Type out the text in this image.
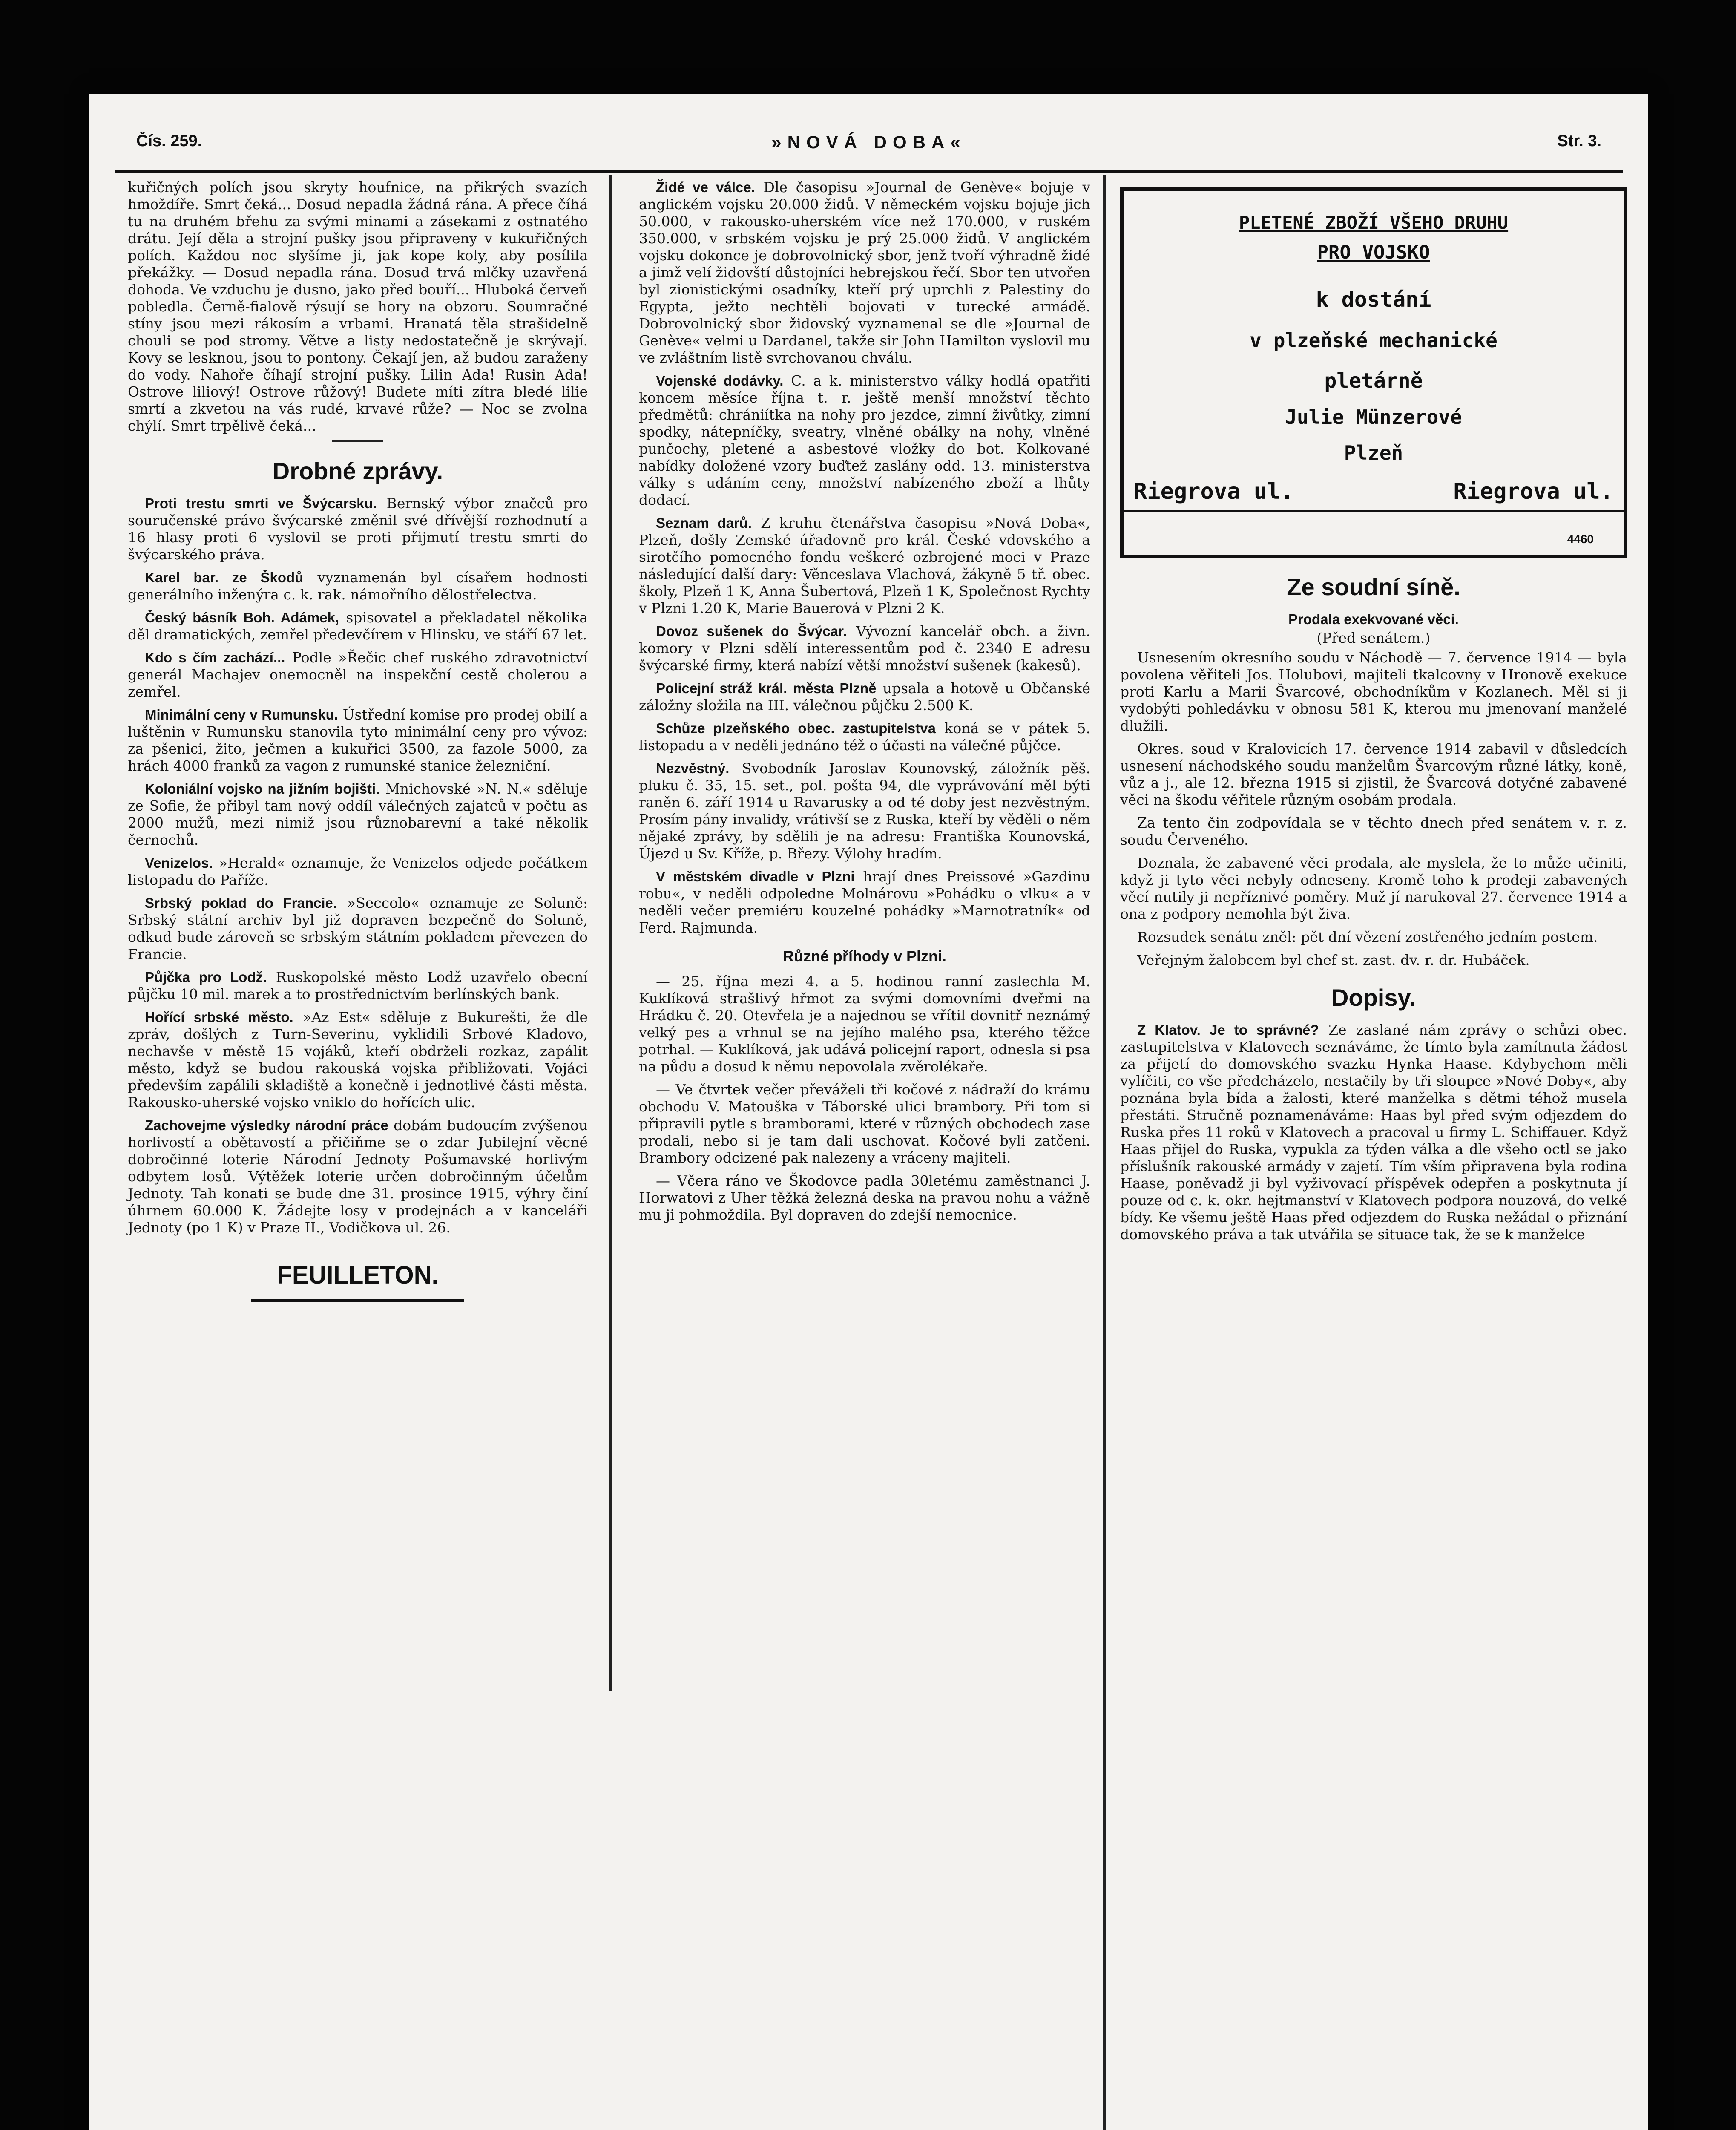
Čís. 259.	»NOVÁ DOBA«	Str. 3.

kuřičných polích jsou skryty houfnice, na přikrých svazích hmoždíře. Smrt čeká... Dosud nepadla žádná rána. A přece číhá tu na druhém břehu za svými minami a zásekami z ostnatého drátu. Její děla a strojní pušky jsou připraveny v kukuřičných polích. Každou noc slyšíme ji, jak kope koly, aby posílila překážky. — Dosud nepadla rána. Dosud trvá mlčky uzavřená dohoda. Ve vzduchu je dusno, jako před bouří... Hluboká červeň pobledla. Černě-fialově rýsují se hory na obzoru. Soumračné stíny jsou mezi rákosím a vrbami. Hranatá těla strašidelně chouli se pod stromy. Větve a listy nedostatečně je skrývají. Kovy se lesknou, jsou to pontony. Čekají jen, až budou zaraženy do vody. Nahoře číhají strojní pušky. Lilin Ada! Rusin Ada! Ostrove liliový! Ostrove růžový! Budete míti zítra bledé lilie smrtí a zkvetou na vás rudé, krvavé růže? — Noc se zvolna chýlí. Smrt trpělivě čeká...

Drobné zprávy.

Proti trestu smrti ve Švýcarsku. Bernský výbor značců pro souručenské právo švýcarské změnil své dřívější rozhodnutí a 16 hlasy proti 6 vyslovil se proti přijmutí trestu smrti do švýcarského práva.

Karel bar. ze Škodů vyznamenán byl císařem hodnosti generálního inženýra c. k. rak. námořního dělostřelectva.

Český básník Boh. Adámek, spisovatel a překladatel několika děl dramatických, zemřel předevčírem v Hlinsku, ve stáří 67 let.

Kdo s čím zachází... Podle »Řečic chef ruského zdravotnictví generál Machajev onemocněl na inspekční cestě cholerou a zemřel.

Minimální ceny v Rumunsku. Ústřední komise pro prodej obilí a luštěnin v Rumunsku stanovila tyto minimální ceny pro vývoz: za pšenici, žito, ječmen a kukuřici 3500, za fazole 5000, za hrách 4000 franků za vagon z rumunské stanice železniční.

Koloniální vojsko na jižním bojišti. Mnichovské »N. N.« sděluje ze Sofie, že přibyl tam nový oddíl válečných zajatců v počtu as 2000 mužů, mezi nimiž jsou různobarevní a také několik černochů.

Venizelos. »Herald« oznamuje, že Venizelos odjede počátkem listopadu do Paříže.

Srbský poklad do Francie. »Seccolo« oznamuje ze Soluně: Srbský státní archiv byl již dopraven bezpečně do Soluně, odkud bude zároveň se srbským státním pokladem převezen do Francie.

Půjčka pro Lodž. Ruskopolské město Lodž uzavřelo obecní půjčku 10 mil. marek a to prostřednictvím berlínských bank.

Hořící srbské město. »Az Est« sděluje z Bukurešti, že dle zpráv, došlých z Turn-Severinu, vyklidili Srbové Kladovo, nechavše v městě 15 vojáků, kteří obdrželi rozkaz, zapálit město, když se budou rakouská vojska přibližovati. Vojáci především zapálili skladiště a konečně i jednotlivé části města. Rakousko-uherské vojsko vniklo do hořících ulic.

Zachovejme výsledky národní práce dobám budoucím zvýšenou horlivostí a obětavostí a přičiňme se o zdar Jubilejní věcné dobročinné loterie Národní Jednoty Pošumavské horlivým odbytem losů. Výtěžek loterie určen dobročinným účelům Jednoty. Tah konati se bude dne 31. prosince 1915, výhry činí úhrnem 60.000 K. Žádejte losy v prodejnách a v kanceláři Jednoty (po 1 K) v Praze II., Vodičkova ul. 26.

FEUILLETON.

Židé ve válce. Dle časopisu »Journal de Genève« bojuje v anglickém vojsku 20.000 židů. V německém vojsku bojuje jich 50.000, v rakousko-uherském více než 170.000, v ruském 350.000, v srbském vojsku je prý 25.000 židů. V anglickém vojsku dokonce je dobrovolnický sbor, jenž tvoří výhradně židé a jimž velí židovští důstojníci hebrejskou řečí. Sbor ten utvořen byl zionistickými osadníky, kteří prý uprchli z Palestiny do Egypta, ježto nechtěli bojovati v turecké armádě. Dobrovolnický sbor židovský vyznamenal se dle »Journal de Genève« velmi u Dardanel, takže sir John Hamilton vyslovil mu ve zvláštním listě svrchovanou chválu.

Vojenské dodávky. C. a k. ministerstvo války hodlá opatřiti koncem měsíce října t. r. ještě menší množství těchto předmětů: chrániítka na nohy pro jezdce, zimní živůtky, zimní spodky, nátepníčky, sveatry, vlněné obálky na nohy, vlněné punčochy, pletené a asbestové vložky do bot. Kolkované nabídky doložené vzory buďtež zaslány odd. 13. ministerstva války s udáním ceny, množství nabízeného zboží a lhůty dodací.

Seznam darů. Z kruhu čtenářstva časopisu »Nová Doba«, Plzeň, došly Zemské úřadovně pro král. České vdovského a sirotčího pomocného fondu veškeré ozbrojené moci v Praze následující další dary: Věnceslava Vlachová, žákyně 5 tř. obec. školy, Plzeň 1 K, Anna Šubertová, Plzeň 1 K, Společnost Rychty v Plzni 1.20 K, Marie Bauerová v Plzni 2 K.

Dovoz sušenek do Švýcar. Vývozní kancelář obch. a živn. komory v Plzni sdělí interessentům pod č. 2340 E adresu švýcarské firmy, která nabízí větší množství sušenek (kakesů).

Policejní stráž král. města Plzně upsala a hotově u Občanské záložny složila na III. válečnou půjčku 2.500 K.

Schůze plzeňského obec. zastupitelstva koná se v pátek 5. listopadu a v neděli jednáno též o účasti na válečné půjčce.

Nezvěstný. Svobodník Jaroslav Kounovský, záložník pěš. pluku č. 35, 15. set., pol. pošta 94, dle vyprávování měl býti raněn 6. září 1914 u Ravarusky a od té doby jest nezvěstným. Prosím pány invalidy, vrátivší se z Ruska, kteří by věděli o něm nějaké zprávy, by sdělili je na adresu: Františka Kounovská, Újezd u Sv. Kříže, p. Březy. Výlohy hradím.

V městském divadle v Plzni hrají dnes Preissové »Gazdinu robu«, v neděli odpoledne Molnárovu »Pohádku o vlku« a v neděli večer premiéru kouzelné pohádky »Marnotratník« od Ferd. Rajmunda.

Různé příhody v Plzni.

— 25. října mezi 4. a 5. hodinou ranní zaslechla M. Kuklíková strašlivý hřmot za svými domovními dveřmi na Hrádku č. 20. Otevřela je a najednou se vřítil dovnitř neznámý velký pes a vrhnul se na jejího malého psa, kterého těžce potrhal. — Kuklíková, jak udává policejní raport, odnesla si psa na půdu a dosud k němu nepovolala zvěrolékaře.

— Ve čtvrtek večer převáželi tři kočové z nádraží do krámu obchodu V. Matouška v Táborské ulici brambory. Při tom si připravili pytle s bramborami, které v různých obchodech zase prodali, nebo si je tam dali uschovat. Kočové byli zatčeni. Brambory odcizené pak nalezeny a vráceny majiteli.

— Včera ráno ve Škodovce padla 30letému zaměstnanci J. Horwatovi z Uher těžká železná deska na pravou nohu a vážně mu ji pohmoždila. Byl dopraven do zdejší nemocnice.

PLETENÉ ZBOŽÍ VŠEHO DRUHU
PRO VOJSKO
k dostání
v plzeňské mechanické
pletárně
Julie Münzerové
Plzeň
Riegrova ul.	Riegrova ul.
4460
Ze soudní síně.

Prodala exekvované věci.

(Před senátem.)

Usnesením okresního soudu v Náchodě — 7. července 1914 — byla povolena věřiteli Jos. Holubovi, majiteli tkalcovny v Hronově exekuce proti Karlu a Marii Švarcové, obchodníkům v Kozlanech. Měl si ji vydobýti pohledávku v obnosu 581 K, kterou mu jmenovaní manželé dlužili.

Okres. soud v Kralovicích 17. července 1914 zabavil v důsledcích usnesení náchodského soudu manželům Švarcovým různé látky, koně, vůz a j., ale 12. března 1915 si zjistil, že Švarcová dotyčné zabavené věci na škodu věřitele různým osobám prodala.

Za tento čin zodpovídala se v těchto dnech před senátem v. r. z. soudu Červeného.

Doznala, že zabavené věci prodala, ale myslela, že to může učiniti, když ji tyto věci nebyly odneseny. Kromě toho k prodeji zabavených věcí nutily ji nepříznivé poměry. Muž jí narukoval 27. července 1914 a ona z podpory nemohla být živa.

Rozsudek senátu zněl: pět dní vězení zostřeného jedním postem.

Veřejným žalobcem byl chef st. zast. dv. r. dr. Hubáček.

Dopisy.

Z Klatov. Je to správné? Ze zaslané nám zprávy o schůzi obec. zastupitelstva v Klatovech seznáváme, že tímto byla zamítnuta žádost za přijetí do domovského svazku Hynka Haase. Kdybychom měli vylíčiti, co vše předcházelo, nestačily by tři sloupce »Nové Doby«, aby poznána byla bída a žalosti, které manželka s dětmi téhož musela přestáti. Stručně poznamenáváme: Haas byl před svým odjezdem do Ruska přes 11 roků v Klatovech a pracoval u firmy L. Schiffauer. Když Haas přijel do Ruska, vypukla za týden válka a dle všeho octl se jako příslušník rakouské armády v zajetí. Tím vším připravena byla rodina Haase, poněvadž ji byl vyživovací příspěvek odepřen a poskytnuta jí pouze od c. k. okr. hejtmanství v Klatovech podpora nouzová, do velké bídy. Ke všemu ještě Haas před odjezdem do Ruska nežádal o přiznání domovského práva a tak utvářila se situace tak, že se k manželce
